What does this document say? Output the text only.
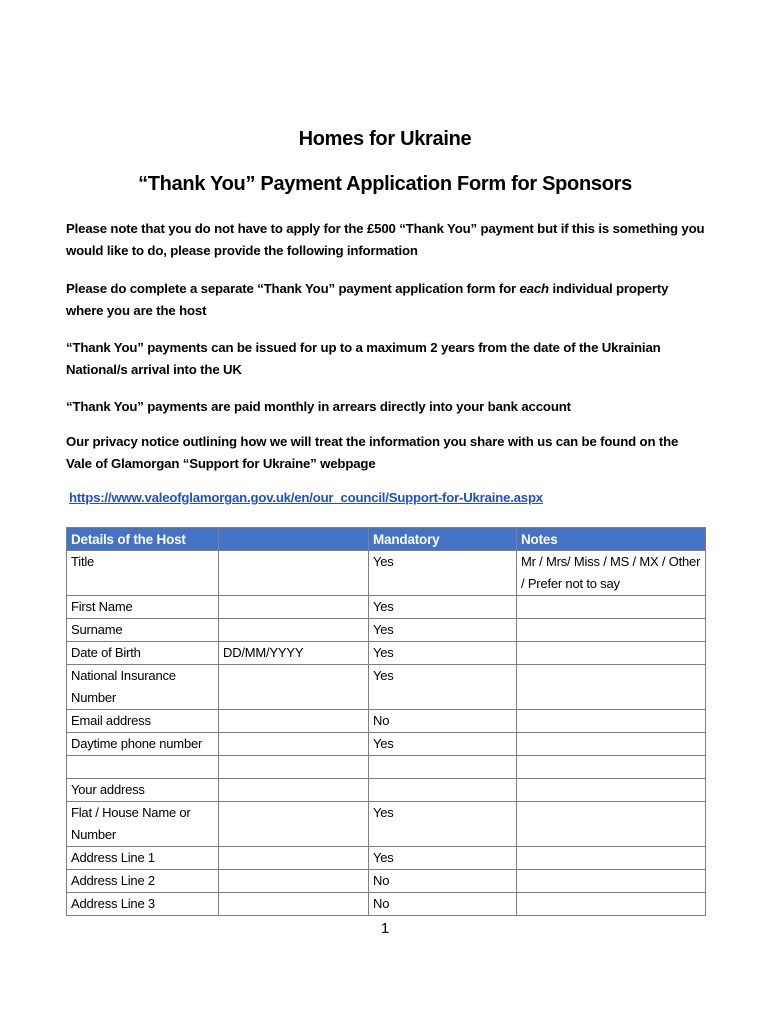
Homes for Ukraine
“Thank You” Payment Application Form for Sponsors
Please note that you do not have to apply for the £500 “Thank You” payment but if this is something you would like to do, please provide the following information
Please do complete a separate “Thank You” payment application form for each individual property where you are the host
“Thank You” payments can be issued for up to a maximum 2 years from the date of the Ukrainian National/s arrival into the UK
“Thank You” payments are paid monthly in arrears directly into your bank account
Our privacy notice outlining how we will treat the information you share with us can be found on the Vale of Glamorgan “Support for Ukraine” webpage
https://www.valeofglamorgan.gov.uk/en/our_council/Support-for-Ukraine.aspx
Details of the Host		Mandatory	Notes
Title		Yes	Mr / Mrs/ Miss / MS / MX / Other / Prefer not to say
First Name		Yes	
Surname		Yes	
Date of Birth	DD/MM/YYYY	Yes	
National Insurance Number		Yes	
Email address		No	
Daytime phone number		Yes	

Your address			
Flat / House Name or Number		Yes	
Address Line 1		Yes	
Address Line 2		No	
Address Line 3		No	
1
